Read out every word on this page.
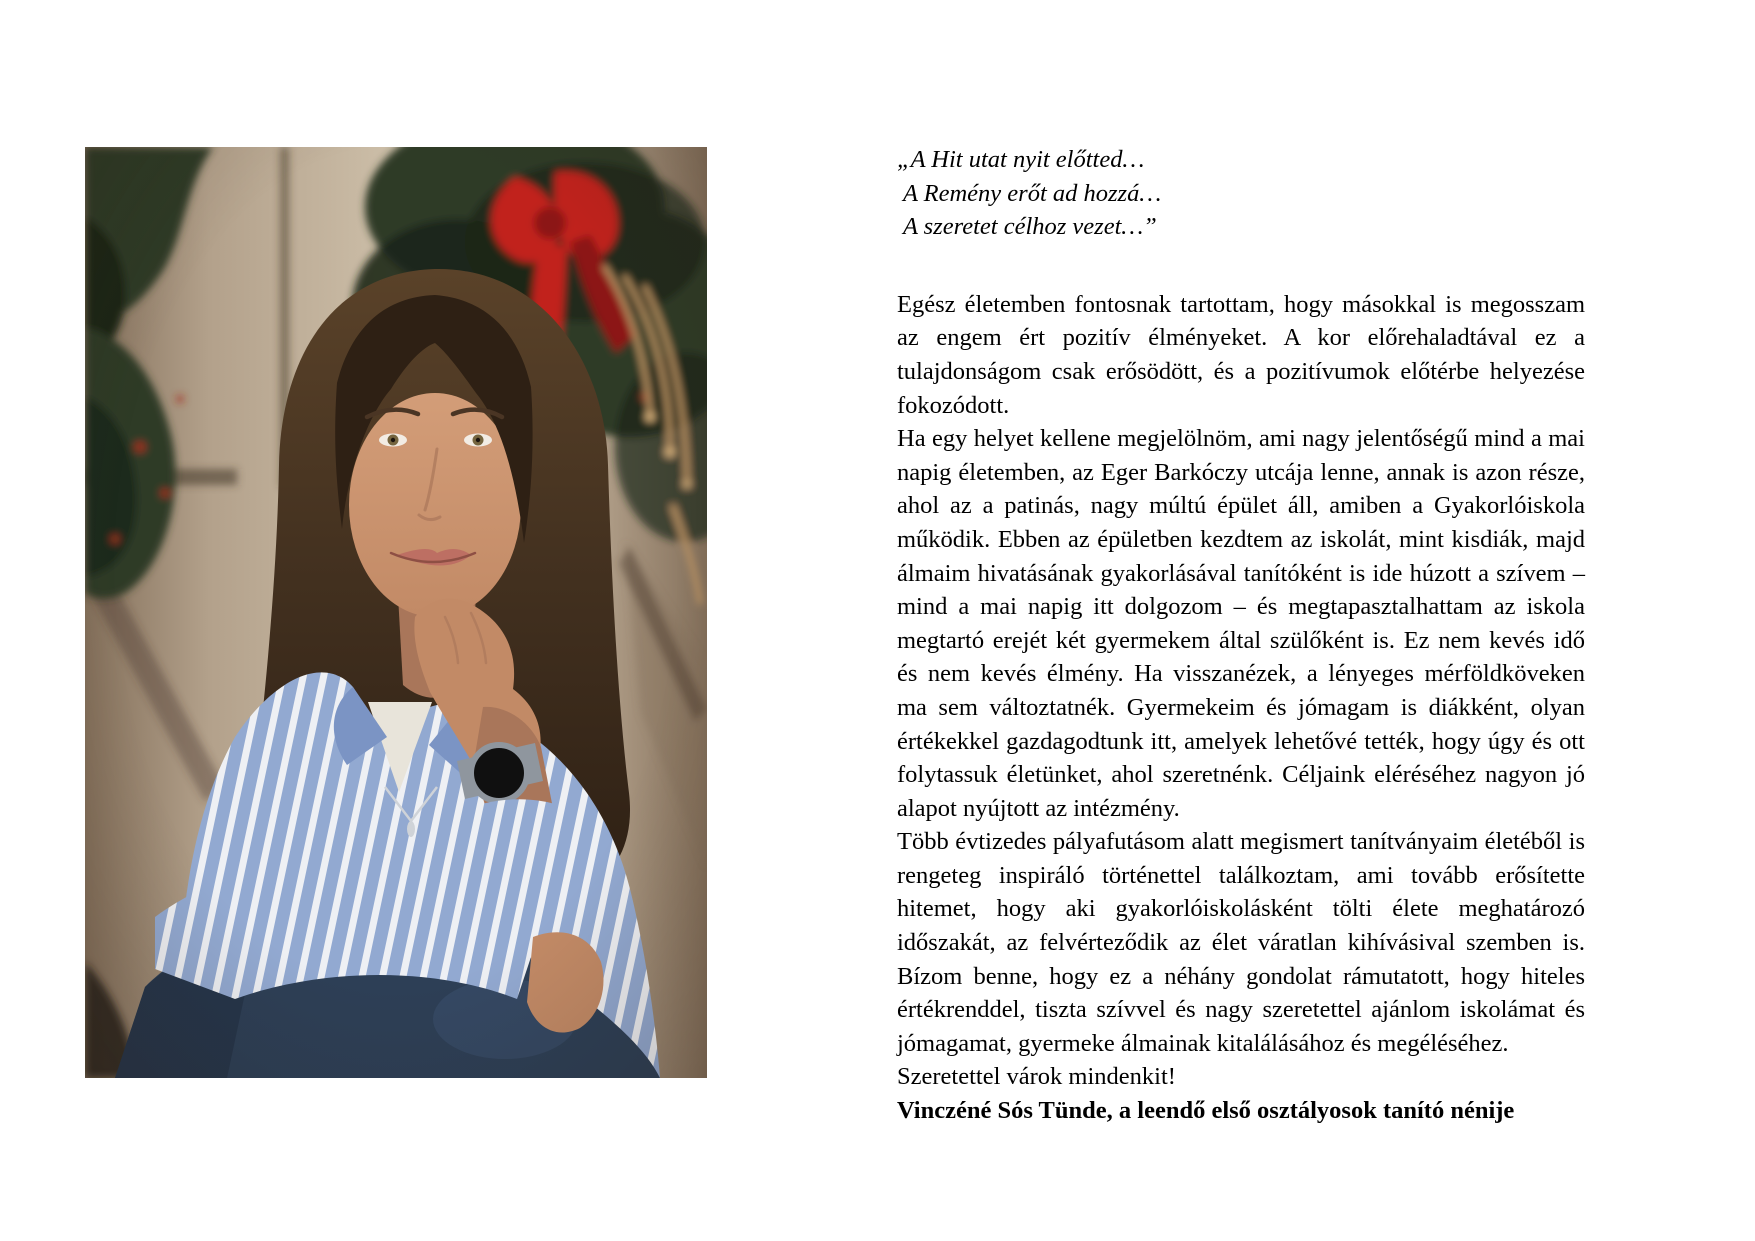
„A Hit utat nyit előtted…
A Remény erőt ad hozzá…
A szeretet célhoz vezet…”

Egész életemben fontosnak tartottam, hogy másokkal is megosszam az engem ért pozitív élményeket. A kor előrehaladtával ez a tulajdonságom csak erősödött, és a pozitívumok előtérbe helyezése fokozódott.

Ha egy helyet kellene megjelölnöm, ami nagy jelentőségű mind a mai napig életemben, az Eger Barkóczy utcája lenne, annak is azon része, ahol az a patinás, nagy múltú épület áll, amiben a Gyakorlóiskola működik. Ebben az épületben kezdtem az iskolát, mint kisdiák, majd álmaim hivatásának gyakorlásával tanítóként is ide húzott a szívem – mind a mai napig itt dolgozom – és megtapasztalhattam az iskola megtartó erejét két gyermekem által szülőként is. Ez nem kevés idő és nem kevés élmény. Ha visszanézek, a lényeges mérföldköveken ma sem változtatnék. Gyermekeim és jómagam is diákként, olyan értékekkel gazdagodtunk itt, amelyek lehetővé tették, hogy úgy és ott folytassuk életünket, ahol szeretnénk. Céljaink eléréséhez nagyon jó alapot nyújtott az intézmény.

Több évtizedes pályafutásom alatt megismert tanítványaim életéből is rengeteg inspiráló történettel találkoztam, ami tovább erősítette hitemet, hogy aki gyakorlóiskolásként tölti élete meghatározó időszakát, az felvérteződik az élet váratlan kihívásival szemben is. Bízom benne, hogy ez a néhány gondolat rámutatott, hogy hiteles értékrenddel, tiszta szívvel és nagy szeretettel ajánlom iskolámat és jómagamat, gyermeke álmainak kitalálásához és megéléséhez.

Szeretettel várok mindenkit!

Vinczéné Sós Tünde, a leendő első osztályosok tanító nénije
